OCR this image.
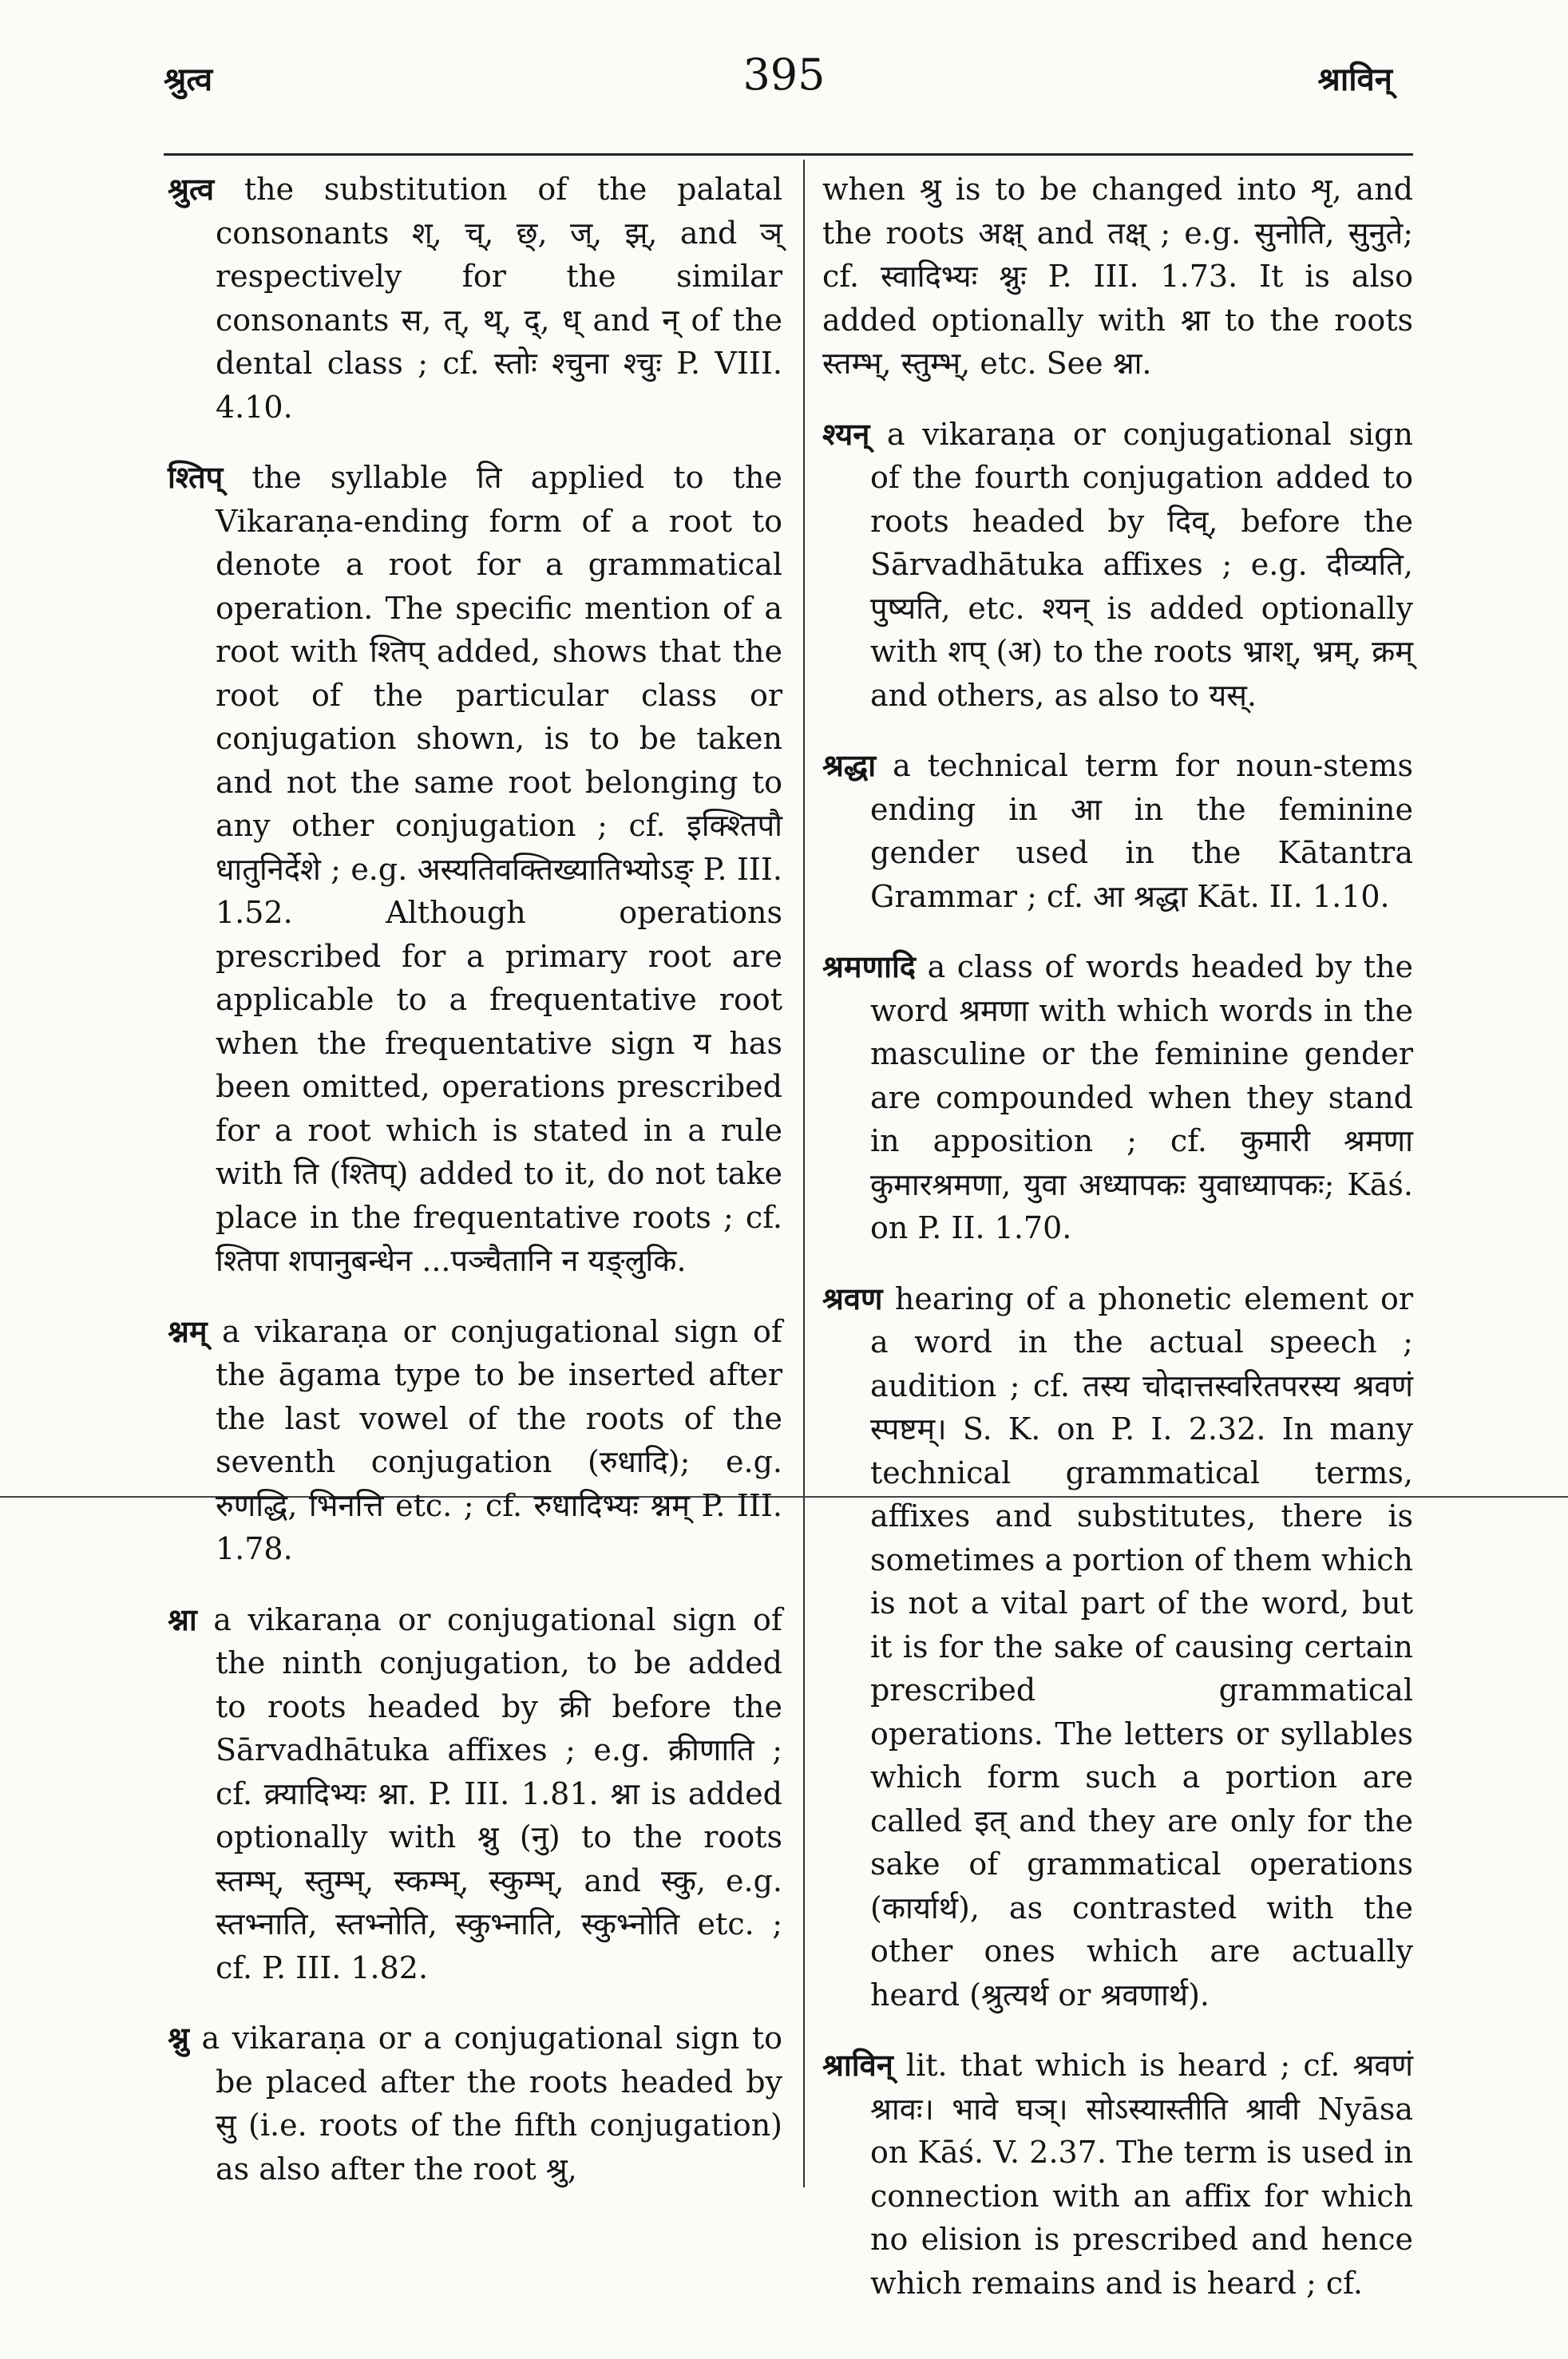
श्रुत्व	395	श्राविन्

श्रुत्व the substitution of the palatal consonants श्, च्, छ्, ज्, झ्, and ञ् respectively for the similar consonants स, त्, थ्, द्, ध् and न् of the dental class ; cf. स्तोः श्चुना श्चुः P. VIII. 4.10.

श्तिप् the syllable ति applied to the Vikaraṇa-ending form of a root to denote a root for a grammatical operation. The specific mention of a root with श्तिप् added, shows that the root of the particular class or conjugation shown, is to be taken and not the same root belonging to any other conjugation ; cf. इक्श्तिपौ धातुनिर्देशे ; e.g. अस्यतिवक्तिख्यातिभ्योऽङ् P. III. 1.52. Although operations prescribed for a primary root are applicable to a frequentative root when the frequentative sign य has been omitted, operations prescribed for a root which is stated in a rule with ति (श्तिप्) added to it, do not take place in the frequentative roots ; cf. श्तिपा शपानुबन्धेन ...पञ्चैतानि न यङ्लुकि.

श्नम् a vikaraṇa or conjugational sign of the āgama type to be inserted after the last vowel of the roots of the seventh conjugation (रुधादि); e.g. रुणद्धि, भिनत्ति etc. ; cf. रुधादिभ्यः श्नम् P. III. 1.78.

श्ना a vikaraṇa or conjugational sign of the ninth conjugation, to be added to roots headed by क्री before the Sārvadhātuka affixes ; e.g. क्रीणाति ; cf. क्र्यादिभ्यः श्ना. P. III. 1.81. श्ना is added optionally with श्नु (नु) to the roots स्तम्भ्, स्तुम्भ्, स्कम्भ्, स्कुम्भ्, and स्कु, e.g. स्तभ्नाति, स्तभ्नोति, स्कुभ्नाति, स्कुभ्नोति etc. ; cf. P. III. 1.82.

श्नु a vikaraṇa or a conjugational sign to be placed after the roots headed by सु (i.e. roots of the fifth conjugation) as also after the root श्रु,

when श्रु is to be changed into शृ, and the roots अक्ष् and तक्ष् ; e.g. सुनोति, सुनुते; cf. स्वादिभ्यः श्नुः P. III. 1.73. It is also added optionally with श्ना to the roots स्तम्भ्, स्तुम्भ्, etc. See श्ना.

श्यन् a vikaraṇa or conjugational sign of the fourth conjugation added to roots headed by दिव्, before the Sārvadhātuka affixes ; e.g. दीव्यति, पुष्यति, etc. श्यन् is added optionally with शप् (अ) to the roots भ्राश्, भ्रम्, क्रम् and others, as also to यस्.

श्रद्धा a technical term for noun-stems ending in आ in the feminine gender used in the Kātantra Grammar ; cf. आ श्रद्धा Kāt. II. 1.10.

श्रमणादि a class of words headed by the word श्रमणा with which words in the masculine or the feminine gender are compounded when they stand in apposition ; cf. कुमारी श्रमणा कुमारश्रमणा, युवा अध्यापकः युवाध्यापकः; Kāś. on P. II. 1.70.

श्रवण hearing of a phonetic element or a word in the actual speech ; audition ; cf. तस्य चोदात्तस्वरितपरस्य श्रवणं स्पष्टम्। S. K. on P. I. 2.32. In many technical grammatical terms, affixes and substitutes, there is sometimes a portion of them which is not a vital part of the word, but it is for the sake of causing certain prescribed grammatical operations. The letters or syllables which form such a portion are called इत् and they are only for the sake of grammatical operations (कार्यार्थ), as contrasted with the other ones which are actually heard (श्रुत्यर्थ or श्रवणार्थ).

श्राविन् lit. that which is heard ; cf. श्रवणं श्रावः। भावे घञ्। सोऽस्यास्तीति श्रावी Nyāsa on Kāś. V. 2.37. The term is used in connection with an affix for which no elision is prescribed and hence which remains and is heard ; cf.
